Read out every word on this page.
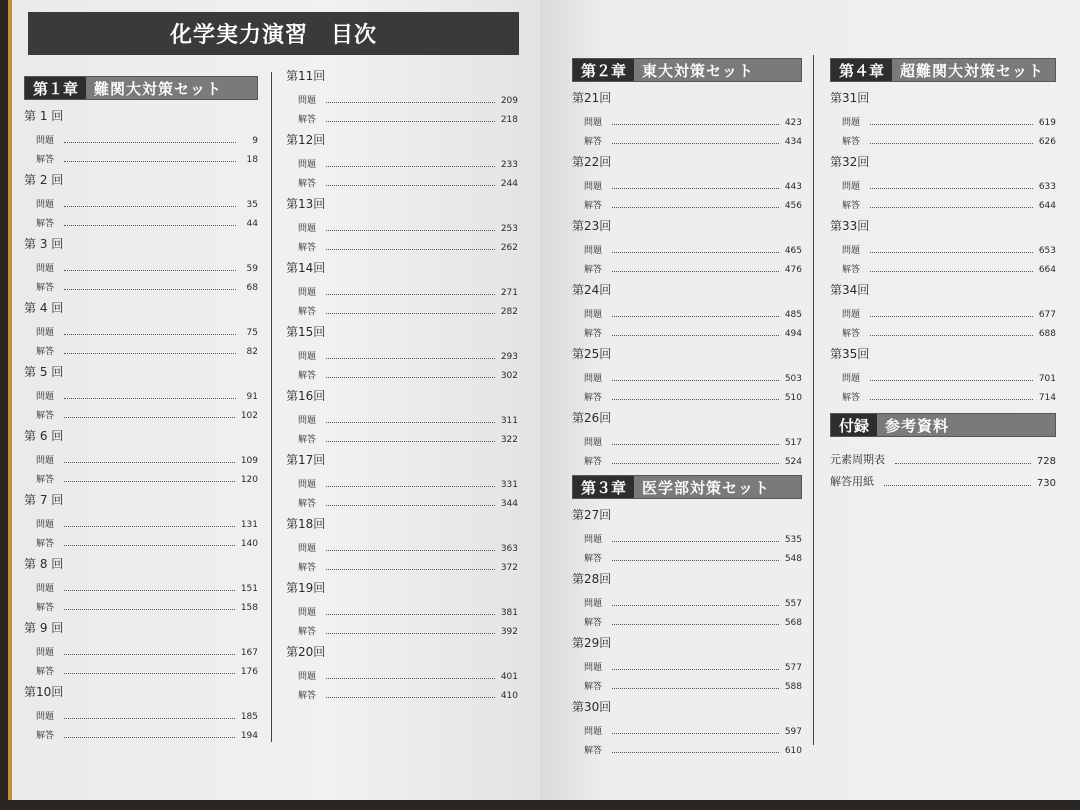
化学実力演習　目次
第１章	難関大対策セット
第 1 回
問題	9
解答	18
第 2 回
問題	35
解答	44
第 3 回
問題	59
解答	68
第 4 回
問題	75
解答	82
第 5 回
問題	91
解答	102
第 6 回
問題	109
解答	120
第 7 回
問題	131
解答	140
第 8 回
問題	151
解答	158
第 9 回
問題	167
解答	176
第10回
問題	185
解答	194
第11回
問題	209
解答	218
第12回
問題	233
解答	244
第13回
問題	253
解答	262
第14回
問題	271
解答	282
第15回
問題	293
解答	302
第16回
問題	311
解答	322
第17回
問題	331
解答	344
第18回
問題	363
解答	372
第19回
問題	381
解答	392
第20回
問題	401
解答	410
第２章	東大対策セット
第21回
問題	423
解答	434
第22回
問題	443
解答	456
第23回
問題	465
解答	476
第24回
問題	485
解答	494
第25回
問題	503
解答	510
第26回
問題	517
解答	524
第３章	医学部対策セット
第27回
問題	535
解答	548
第28回
問題	557
解答	568
第29回
問題	577
解答	588
第30回
問題	597
解答	610
第４章	超難関大対策セット
第31回
問題	619
解答	626
第32回
問題	633
解答	644
第33回
問題	653
解答	664
第34回
問題	677
解答	688
第35回
問題	701
解答	714
付録	参考資料
元素周期表	728
解答用紙	730
